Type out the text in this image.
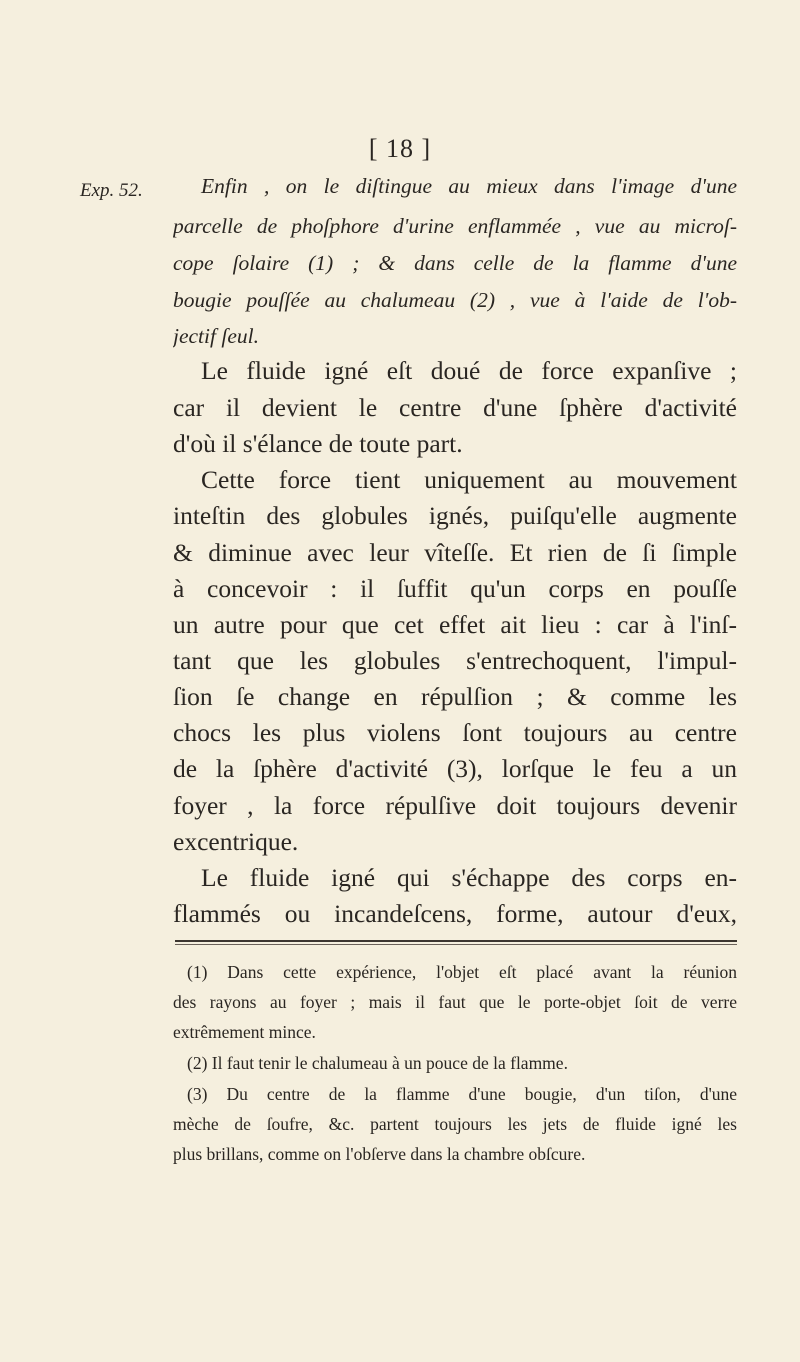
[ 18 ]
Exp. 52.	Enfin , on le diſtingue au mieux dans l'image d'une
parcelle de phoſphore d'urine enflammée , vue au microſ-
cope ſolaire (1) ; & dans celle de la flamme d'une
bougie pouſſée au chalumeau (2) , vue à l'aide de l'ob-
jectif ſeul.
Le fluide igné eſt doué de force expanſive ;
car il devient le centre d'une ſphère d'activité
d'où il s'élance de toute part.
Cette force tient uniquement au mouvement
inteſtin des globules ignés, puiſqu'elle augmente
& diminue avec leur vîteſſe. Et rien de ſi ſimple
à concevoir : il ſuffit qu'un corps en pouſſe
un autre pour que cet effet ait lieu : car à l'inſ-
tant que les globules s'entrechoquent, l'impul-
ſion ſe change en répulſion ; & comme les
chocs les plus violens ſont toujours au centre
de la ſphère d'activité (3), lorſque le feu a un
foyer , la force répulſive doit toujours devenir
excentrique.
Le fluide igné qui s'échappe des corps en-
flammés ou incandeſcens, forme, autour d'eux,
(1) Dans cette expérience, l'objet eſt placé avant la réunion
des rayons au foyer ; mais il faut que le porte-objet ſoit de verre
extrêmement mince.
(2) Il faut tenir le chalumeau à un pouce de la flamme.
(3) Du centre de la flamme d'une bougie, d'un tiſon, d'une
mèche de ſoufre, &c. partent toujours les jets de fluide igné les
plus brillans, comme on l'obſerve dans la chambre obſcure.
